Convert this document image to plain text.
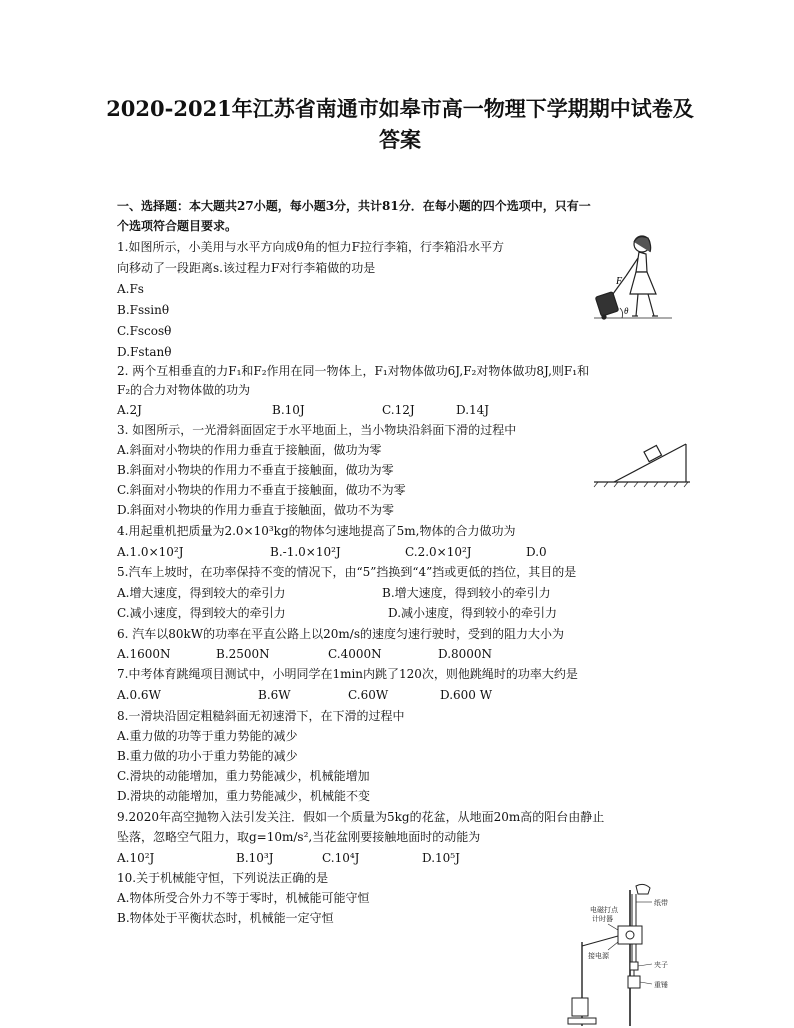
2020-2021年江苏省南通市如皋市高一物理下学期期中试卷及
答案
一、选择题：本大题共27小题，每小题3分，共计81分．在每小题的四个选项中，只有一
个选项符合题目要求。
1.如图所示，小美用与水平方向成θ角的恒力F拉行李箱，行李箱沿水平方
向移动了一段距离s.该过程力F对行李箱做的功是
A.Fs
B.Fssinθ
C.Fscosθ
D.Fstanθ
F
θ
2. 两个互相垂直的力F₁和F₂作用在同一物体上，F₁对物体做功6J,F₂对物体做功8J,则F₁和
F₂的合力对物体做的功为
A.2J	B.10J	C.12J	D.14J
3. 如图所示，一光滑斜面固定于水平地面上，当小物块沿斜面下滑的过程中
A.斜面对小物块的作用力垂直于接触面，做功为零
B.斜面对小物块的作用力不垂直于接触面，做功为零
C.斜面对小物块的作用力不垂直于接触面，做功不为零
D.斜面对小物块的作用力垂直于接触面，做功不为零
4.用起重机把质量为2.0×10³kg的物体匀速地提高了5m,物体的合力做功为
A.1.0×10²J	B.-1.0×10²J	C.2.0×10²J	D.0
5.汽车上坡时，在功率保持不变的情况下，由“5”挡换到“4”挡或更低的挡位，其目的是
A.增大速度，得到较大的牵引力	B.增大速度，得到较小的牵引力
C.减小速度，得到较大的牵引力	D.减小速度，得到较小的牵引力
6. 汽车以80kW的功率在平直公路上以20m/s的速度匀速行驶时，受到的阻力大小为
A.1600N	B.2500N	C.4000N	D.8000N
7.中考体育跳绳项目测试中，小明同学在1min内跳了120次，则他跳绳时的功率大约是
A.0.6W	B.6W	C.60W	D.600 W
8.一滑块沿固定粗糙斜面无初速滑下，在下滑的过程中
A.重力做的功等于重力势能的减少
B.重力做的功小于重力势能的减少
C.滑块的动能增加，重力势能减少，机械能增加
D.滑块的动能增加，重力势能减少，机械能不变
9.2020年高空抛物入法引发关注．假如一个质量为5kg的花盆，从地面20m高的阳台由静止
坠落，忽略空气阻力，取g=10m/s²,当花盆刚要接触地面时的动能为
A.10²J	B.10³J	C.10⁴J	D.10⁵J
10.关于机械能守恒，下列说法正确的是
A.物体所受合外力不等于零时，机械能可能守恒
B.物体处于平衡状态时，机械能一定守恒
电磁打点
计时器
纸带
接电源
夹子
重锤
